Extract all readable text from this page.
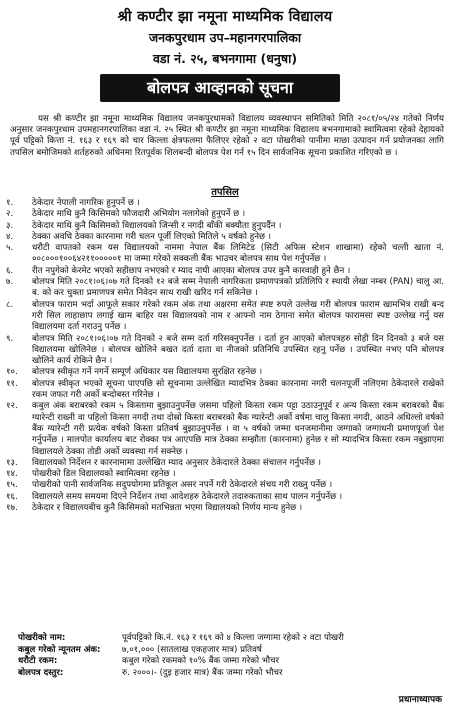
श्री कण्टीर झा नमूना माध्यमिक विद्यालय
जनकपुरधाम उप–महानगरपालिका
वडा नं. २५, बभनगामा (धनुषा)
बोलपत्र आव्हानको सूचना

यस श्री कण्टीर झा नमूना माध्यमिक विद्यालय जनकपुरधामको विद्यालय व्यवस्थापन समितिको मिति २०८१/०५/२४ गतेको निर्णय अनुसार जनकपुरधाम उपमहानगरपालिका वडा नं. २५ स्थित श्री कण्टीर झा नमूना माध्यमिक विद्यालय बभनगामाको स्वामित्वमा रहेको देहायको पूर्व पट्टिको कित्ता नं. १६३ र १६९ को चार किल्ला क्षेत्रफलमा फैलिएर रहेको २ वटा पोखरीको पानीमा माछा उत्पादन गर्न प्रयोजनका लागि तपसिल बमोजिमको शर्तहरुको अधिनमा रितपूर्वक शिलबन्दी बोलपत्र पेश गर्न १५ दिन सार्वजनिक सूचना प्रकाशित गरिएको छ ।

तपसिल
१.	ठेकेदार नेपाली नागरिक हुनुपर्ने छ ।
२.	ठेकेदार माथि कुनै किसिमको फौजदारी अभियोग नलागेको हुनुपर्ने छ ।
३.	ठेकेदार माथि कुनै किसिमको विद्यालयको जिन्सी र नगदी बाँकी बक्यौता हुनुपर्दैन ।
४.	ठेक्का अवधि ठेक्का कारनामा गरी चलन पूर्जी लिएको मितिले ५ वर्षको हुनेछ ।
५.	धरौटी वापतको रकम यस विद्यालयको नाममा नेपाल बैंक लिमिटेड (सिटी अफिस स्टेशन शाखामा) रहेको चल्ती खाता नं. ००८०००१००६४२११०००००१ मा जम्मा गरेको सक्कली बैंक भाउचर बोलपत्र साथ पेश गर्नुपर्नेछ ।
६.	रीत नपुगेको केरमेट भएको सहीछाप नभएको र म्याद नाघी आएका बोलपत्र उपर कुनै कारवाही हुने छैन ।
७.	बोलपत्र मिति २०८१।०६।०७ गते दिनको १२ बजे सम्म नेपाली नागरिकता प्रमाणपत्रको प्रतिलिपि र स्थायी लेखा नम्बर (PAN) चालु आ. ब. को कर चुक्ता प्रमाणपत्र समेत निवेदन साथ राखी खरिद गर्न सकिनेछ ।
८.	बोलपत्र फाराम भर्दा आफूले सकार गरेको रकम अंक तथा अक्षरमा समेत स्पष्ट रुपले उल्लेख गरी बोलपत्र फाराम खामभित्र राखी बन्द गरी सिल लाहाछाप लगाई खाम बाहिर यस विद्यालयको नाम र आफ्नो नाम ठेगाना समेत बोलपत्र फारामसा स्पष्ट उल्लेख गर्नु यस विद्यालयमा दर्ता गराउनु पर्नेछ ।
९.	बोलपत्र मिति २०८१।०६।०७ गते दिनको २ बजे सम्म दर्ता गरिसक्नुपर्नेछ । दर्ता हुन आएको बोलपत्रहरु सोही दिन दिनको ३ बजे यस विद्यालयमा खोलिनेछ । बोलपत्र खोलिने बखत दर्ता दाता वा नीजको प्रतिनिधि उपस्थित रहनु पर्नेछ । उपस्थित नभए पनि बोलपत्र खोलिने कार्य रोकिने छैन ।
१०.	बोलपत्र स्वीकृत गर्ने नगर्ने सम्पूर्ण अधिकार यस विद्यालयमा सुरक्षित रहनेछ ।
११.	बोलपत्र स्वीकृत भएको सूचना पाएपछि सो सूचनामा उल्लेखित म्यादभित्र ठेक्का कारनामा नगरी चलनपूर्जी नलिएमा ठेकेदारले राखेको रकम जफत गरी अर्को बन्दोबस्त गरिनेछ ।
१२.	कबुल अंक बराबरको रकम ५ किस्तामा बुझाउनुपर्नेछ जसमा पहिलो किस्ता रकम पट्टा उठाउनुपूर्व र अन्य किस्ता रकम बराबरको बैंक ग्यारेन्टी राख्नी वा पहिलो किस्ता नगदी तथा दोस्रो किस्ता बराबरको बैंक ग्यारेन्टी अर्को वर्षमा चालु किस्ता नगदी, आठने अधिल्लो वर्षको बैंक ग्यारेन्टी गरी प्रत्येक वर्षको किस्ता प्रतिवर्ष बुझाउनुपर्नेछ । वा ५ वर्षको जम्मा धनजमानीमा जग्गाको जग्गाधनी प्रमाणपूर्जा पेश गर्नुपर्नेछ । मालपोत कार्यालय बाट रोक्का पत्र आएपछि मात्र ठेक्का सम्झौता (कारनामा) हुनेछ र सो म्यादभित्र किस्ता रकम नबुझाएमा विद्यालयले ठेक्का तोडी अर्को व्यवस्था गर्न सक्नेछ ।
१३.	विद्यालयको निर्देशन र कारनामामा उल्लेखित म्याद अनुसार ठेकेदारले ठेक्का संचालन गर्नुपर्नेछ ।
१४.	पोखरीको डिल विद्यालयको स्वामित्वमा रहनेछ ।
१५.	पोखरीको पानी सार्वजनिक सदुपयोगमा प्रतिकूल असर नपर्ने गरी ठेकेदारले संचय गरी राख्नु पर्नेछ ।
१६.	विद्यालयले समय समयमा दिएने निर्देशन तथा आदेशहरु ठेकेदारले तदारुकताका साथ पालन गर्नुपर्नेछ ।
१७.	ठेकेदार र विद्यालयबीच कुनै किसिमको मतभिन्नता भएमा विद्यालयको निर्णय मान्य हुनेछ ।
पोखरीको नाम:	पूर्वपट्टिको कि.नं. १६३ र १६९ को ४ किल्ला जग्गामा रहेको २ वटा पोखरी
कबुल गरेको न्यूनतम अंक:	७,०१,००० (सातलाख एकहजार मात्र) प्रतिवर्ष
धरौटी रकम:	कबुल गरेको रकमको १०% बैंक जम्मा गरेको भौचर
बोलपत्र दस्तुर:	रु. २०००।- (दुइ हजार मात्र) बैंक जम्मा गरेको भौचर
प्रधानाध्यापक
